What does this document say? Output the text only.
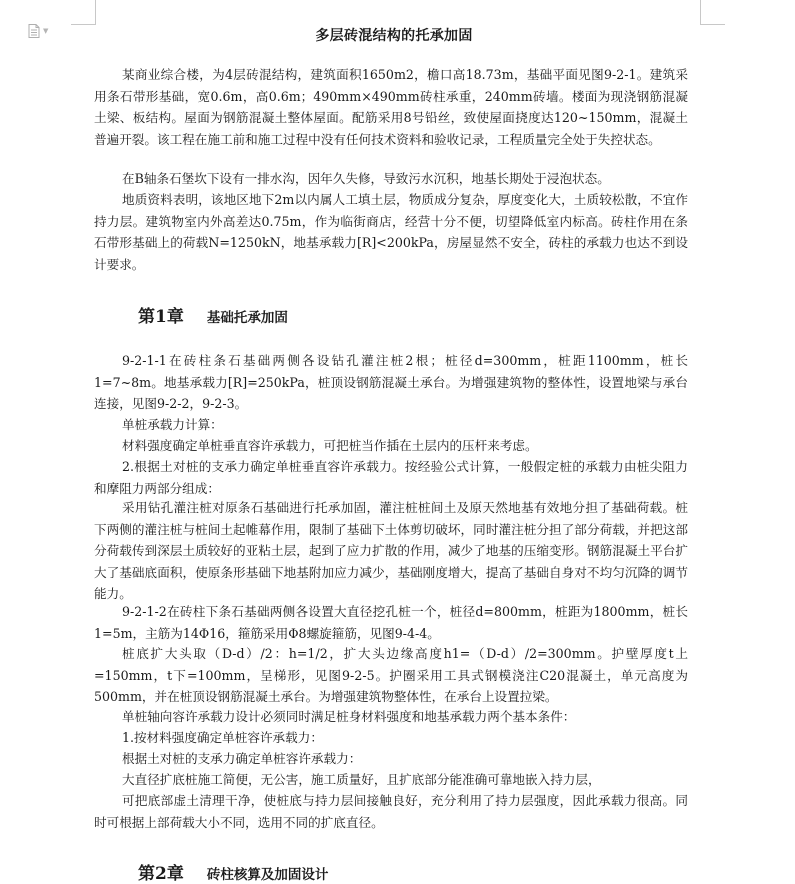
▼	多层砖混结构的托承加固

某商业综合楼，为4层砖混结构，建筑面积1650m2，檐口高18.73m，基础平面见图9-2-1。建筑采用条石带形基础，宽0.6m，高0.6m；490mm×490mm砖柱承重，240mm砖墙。楼面为现浇钢筋混凝土梁、板结构。屋面为钢筋混凝土整体屋面。配筋采用8号铅丝，致使屋面挠度达120~150mm，混凝土普遍开裂。该工程在施工前和施工过程中没有任何技术资料和验收记录，工程质量完全处于失控状态。

在B轴条石堡坎下设有一排水沟，因年久失修，导致污水沉积，地基长期处于浸泡状态。

地质资料表明，该地区地下2m以内属人工填土层，物质成分复杂，厚度变化大，土质较松散，不宜作持力层。建筑物室内外高差达0.75m，作为临街商店，经营十分不便，切望降低室内标高。砖柱作用在条石带形基础上的荷载N=1250kN，地基承载力[R]<200kPa，房屋显然不安全，砖柱的承载力也达不到设计要求。

第1章 基础托承加固

9-2-1-1在砖柱条石基础两侧各设钻孔灌注桩2根；桩径d=300mm，桩距1100mm，桩长1=7~8m。地基承载力[R]=250kPa，桩顶设钢筋混凝土承台。为增强建筑物的整体性，设置地梁与承台连接，见图9-2-2，9-2-3。

单桩承载力计算：

材料强度确定单桩垂直容许承载力，可把桩当作插在土层内的压杆来考虑。

2.根据土对桩的支承力确定单桩垂直容许承载力。按经验公式计算，一般假定桩的承载力由桩尖阻力和摩阻力两部分组成：

采用钻孔灌注桩对原条石基础进行托承加固，灌注桩桩间土及原天然地基有效地分担了基础荷载。桩下两侧的灌注桩与桩间土起帷幕作用，限制了基础下土体剪切破坏，同时灌注桩分担了部分荷载，并把这部分荷载传到深层土质较好的亚粘土层，起到了应力扩散的作用，减少了地基的压缩变形。钢筋混凝土平台扩大了基础底面积，使原条形基础下地基附加应力减少，基础刚度增大，提高了基础自身对不均匀沉降的调节能力。

9-2-1-2在砖柱下条石基础两侧各设置大直径挖孔桩一个，桩径d=800mm，桩距为1800mm，桩长1=5m，主筋为14Φ16，箍筋采用Φ8螺旋箍筋，见图9-4-4。

桩底扩大头取（D-d）/2：h=1/2，扩大头边缘高度h1=（D-d）/2=300mm。护壁厚度t上=150mm，t下=100mm，呈梯形，见图9-2-5。护圈采用工具式钢模浇注C20混凝土，单元高度为500mm，并在桩顶设钢筋混凝土承台。为增强建筑物整体性，在承台上设置拉梁。

单桩轴向容许承载力设计必须同时满足桩身材料强度和地基承载力两个基本条件：

1.按材料强度确定单桩容许承载力：

根据土对桩的支承力确定单桩容许承载力：

大直径扩底桩施工简便，无公害，施工质量好，且扩底部分能准确可靠地嵌入持力层，

可把底部虚土清理干净，使桩底与持力层间接触良好，充分利用了持力层强度，因此承载力很高。同时可根据上部荷载大小不同，选用不同的扩底直径。

第2章 砖柱核算及加固设计
